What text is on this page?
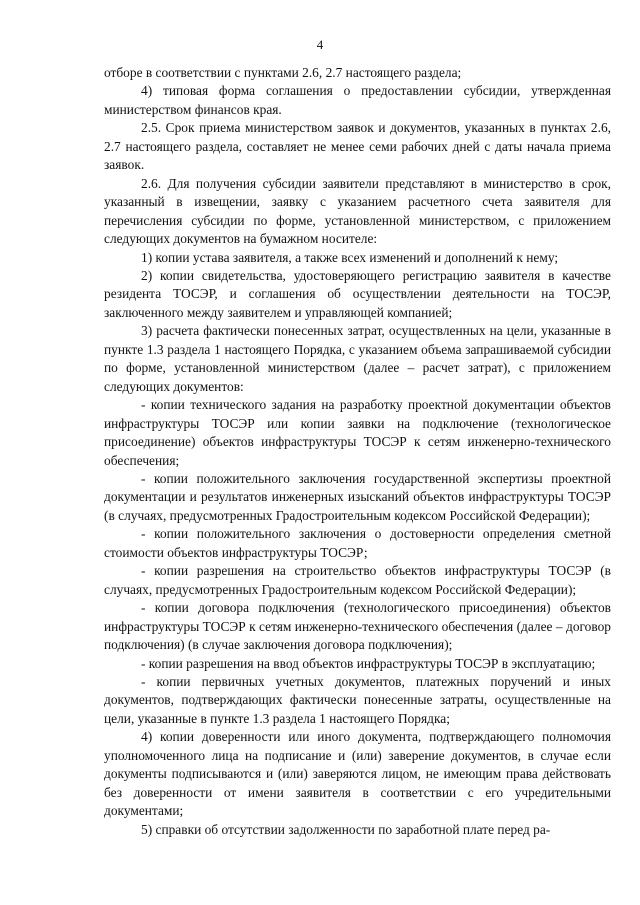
4

отборе в соответствии с пунктами 2.6, 2.7 настоящего раздела;

4) типовая форма соглашения о предоставлении субсидии, утвержденная министерством финансов края.

2.5. Срок приема министерством заявок и документов, указанных в пунктах 2.6, 2.7 настоящего раздела, составляет не менее семи рабочих дней с даты начала приема заявок.

2.6. Для получения субсидии заявители представляют в министерство в срок, указанный в извещении, заявку с указанием расчетного счета заявителя для перечисления субсидии по форме, установленной министерством, с приложением следующих документов на бумажном носителе:

1) копии устава заявителя, а также всех изменений и дополнений к нему;

2) копии свидетельства, удостоверяющего регистрацию заявителя в качестве резидента ТОСЭР, и соглашения об осуществлении деятельности на ТОСЭР, заключенного между заявителем и управляющей компанией;

3) расчета фактически понесенных затрат, осуществленных на цели, указанные в пункте 1.3 раздела 1 настоящего Порядка, с указанием объема запрашиваемой субсидии по форме, установленной министерством (далее – расчет затрат), с приложением следующих документов:

- копии технического задания на разработку проектной документации объектов инфраструктуры ТОСЭР или копии заявки на подключение (технологическое присоединение) объектов инфраструктуры ТОСЭР к сетям инженерно-технического обеспечения;

- копии положительного заключения государственной экспертизы проектной документации и результатов инженерных изысканий объектов инфраструктуры ТОСЭР (в случаях, предусмотренных Градостроительным кодексом Российской Федерации);

- копии положительного заключения о достоверности определения сметной стоимости объектов инфраструктуры ТОСЭР;

- копии разрешения на строительство объектов инфраструктуры ТОСЭР (в случаях, предусмотренных Градостроительным кодексом Российской Федерации);

- копии договора подключения (технологического присоединения) объектов инфраструктуры ТОСЭР к сетям инженерно-технического обеспечения (далее – договор подключения) (в случае заключения договора подключения);

- копии разрешения на ввод объектов инфраструктуры ТОСЭР в эксплуатацию;

- копии первичных учетных документов, платежных поручений и иных документов, подтверждающих фактически понесенные затраты, осуществленные на цели, указанные в пункте 1.3 раздела 1 настоящего Порядка;

4) копии доверенности или иного документа, подтверждающего полномочия уполномоченного лица на подписание и (или) заверение документов, в случае если документы подписываются и (или) заверяются лицом, не имеющим права действовать без доверенности от имени заявителя в соответствии с его учредительными документами;

5) справки об отсутствии задолженности по заработной плате перед ра-
